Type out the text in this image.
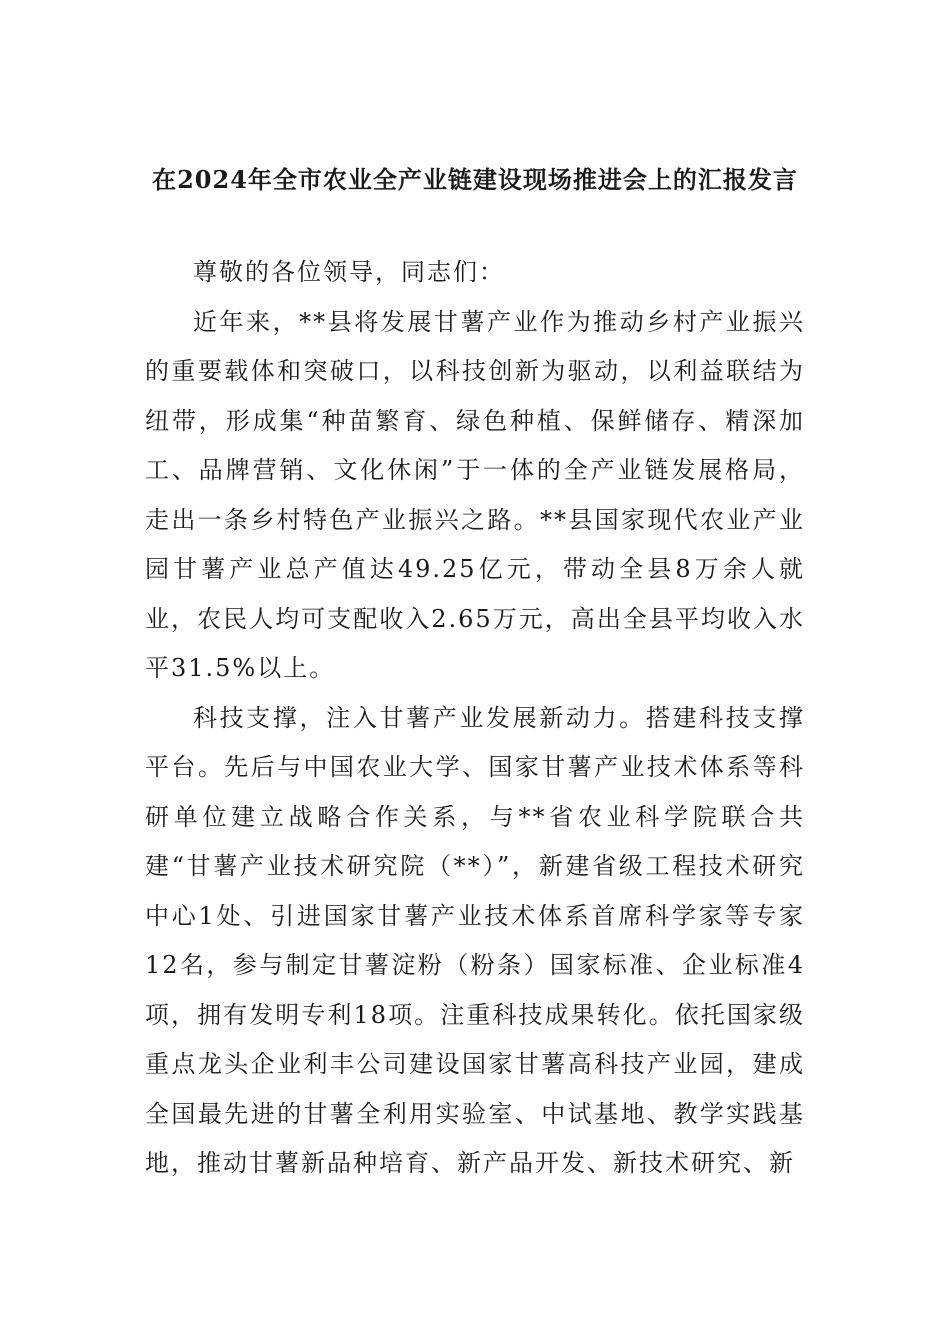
在2024年全市农业全产业链建设现场推进会上的汇报发言

尊敬的各位领导，同志们：

近年来，**县将发展甘薯产业作为推动乡村产业振兴的重要载体和突破口，以科技创新为驱动，以利益联结为纽带，形成集“种苗繁育、绿色种植、保鲜储存、精深加工、品牌营销、文化休闲”于一体的全产业链发展格局，走出一条乡村特色产业振兴之路。**县国家现代农业产业园甘薯产业总产值达49.25亿元，带动全县8万余人就业，农民人均可支配收入2.65万元，高出全县平均收入水平31.5%以上。

科技支撑，注入甘薯产业发展新动力。搭建科技支撑平台。先后与中国农业大学、国家甘薯产业技术体系等科研单位建立战略合作关系，与**省农业科学院联合共建“甘薯产业技术研究院（**）”，新建省级工程技术研究中心1处、引进国家甘薯产业技术体系首席科学家等专家12名，参与制定甘薯淀粉（粉条）国家标准、企业标准4项，拥有发明专利18项。注重科技成果转化。依托国家级重点龙头企业利丰公司建设国家甘薯高科技产业园，建成全国最先进的甘薯全利用实验室、中试基地、教学实践基地，推动甘薯新品种培育、新产品开发、新技术研究、新
